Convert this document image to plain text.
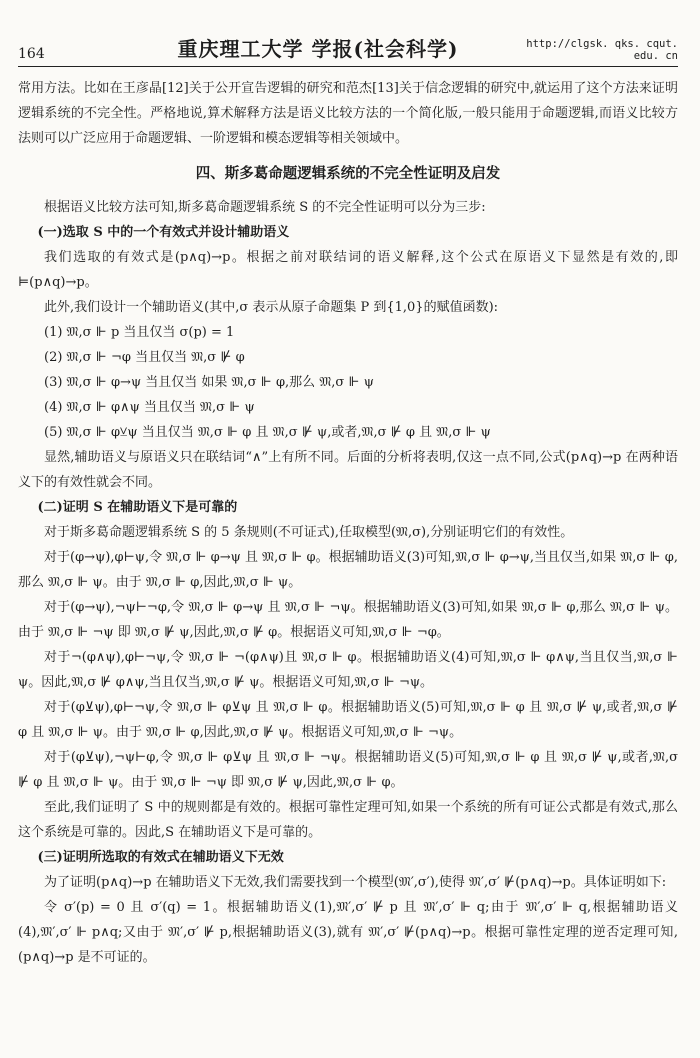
164	重庆理工大学 学报(社会科学)	http://clgsk. qks. cqut. edu. cn

常用方法。比如在王彦晶[12]关于公开宣告逻辑的研究和范杰[13]关于信念逻辑的研究中,就运用了这个方法来证明逻辑系统的不完全性。严格地说,算术解释方法是语义比较方法的一个简化版,一般只能用于命题逻辑,而语义比较方法则可以广泛应用于命题逻辑、一阶逻辑和模态逻辑等相关领域中。

四、斯多葛命题逻辑系统的不完全性证明及启发

根据语义比较方法可知,斯多葛命题逻辑系统 S 的不完全性证明可以分为三步:

(一)选取 S 中的一个有效式并设计辅助语义

我们选取的有效式是(p∧q)→p。根据之前对联结词的语义解释,这个公式在原语义下显然是有效的,即 ⊨(p∧q)→p。

此外,我们设计一个辅助语义(其中,σ 表示从原子命题集 P 到{1,0}的赋值函数):

(1) 𝔐,σ ⊩ p 当且仅当 σ(p) = 1
(2) 𝔐,σ ⊩ ¬φ 当且仅当 𝔐,σ ⊮ φ
(3) 𝔐,σ ⊩ φ→ψ 当且仅当 如果 𝔐,σ ⊩ φ,那么 𝔐,σ ⊩ ψ
(4) 𝔐,σ ⊩ φ∧ψ 当且仅当 𝔐,σ ⊩ ψ
(5) 𝔐,σ ⊩ φ⊻ψ 当且仅当 𝔐,σ ⊩ φ 且 𝔐,σ ⊮ ψ,或者,𝔐,σ ⊮ φ 且 𝔐,σ ⊩ ψ

显然,辅助语义与原语义只在联结词“∧”上有所不同。后面的分析将表明,仅这一点不同,公式(p∧q)→p 在两种语义下的有效性就会不同。

(二)证明 S 在辅助语义下是可靠的

对于斯多葛命题逻辑系统 S 的 5 条规则(不可证式),任取模型(𝔐,σ),分别证明它们的有效性。

对于(φ→ψ),φ⊢ψ,令 𝔐,σ ⊩ φ→ψ 且 𝔐,σ ⊩ φ。根据辅助语义(3)可知,𝔐,σ ⊩ φ→ψ,当且仅当,如果 𝔐,σ ⊩ φ,那么 𝔐,σ ⊩ ψ。由于 𝔐,σ ⊩ φ,因此,𝔐,σ ⊩ ψ。

对于(φ→ψ),¬ψ⊢¬φ,令 𝔐,σ ⊩ φ→ψ 且 𝔐,σ ⊩ ¬ψ。根据辅助语义(3)可知,如果 𝔐,σ ⊩ φ,那么 𝔐,σ ⊩ ψ。由于 𝔐,σ ⊩ ¬ψ 即 𝔐,σ ⊮ ψ,因此,𝔐,σ ⊮ φ。根据语义可知,𝔐,σ ⊩ ¬φ。

对于¬(φ∧ψ),φ⊢¬ψ,令 𝔐,σ ⊩ ¬(φ∧ψ)且 𝔐,σ ⊩ φ。根据辅助语义(4)可知,𝔐,σ ⊩ φ∧ψ,当且仅当,𝔐,σ ⊩ ψ。因此,𝔐,σ ⊮ φ∧ψ,当且仅当,𝔐,σ ⊮ ψ。根据语义可知,𝔐,σ ⊩ ¬ψ。

对于(φ⊻ψ),φ⊢¬ψ,令 𝔐,σ ⊩ φ⊻ψ 且 𝔐,σ ⊩ φ。根据辅助语义(5)可知,𝔐,σ ⊩ φ 且 𝔐,σ ⊮ ψ,或者,𝔐,σ ⊮ φ 且 𝔐,σ ⊩ ψ。由于 𝔐,σ ⊩ φ,因此,𝔐,σ ⊮ ψ。根据语义可知,𝔐,σ ⊩ ¬ψ。

对于(φ⊻ψ),¬ψ⊢φ,令 𝔐,σ ⊩ φ⊻ψ 且 𝔐,σ ⊩ ¬ψ。根据辅助语义(5)可知,𝔐,σ ⊩ φ 且 𝔐,σ ⊮ ψ,或者,𝔐,σ ⊮ φ 且 𝔐,σ ⊩ ψ。由于 𝔐,σ ⊩ ¬ψ 即 𝔐,σ ⊮ ψ,因此,𝔐,σ ⊩ φ。

至此,我们证明了 S 中的规则都是有效的。根据可靠性定理可知,如果一个系统的所有可证公式都是有效式,那么这个系统是可靠的。因此,S 在辅助语义下是可靠的。

(三)证明所选取的有效式在辅助语义下无效

为了证明(p∧q)→p 在辅助语义下无效,我们需要找到一个模型(𝔐′,σ′),使得 𝔐′,σ′ ⊮(p∧q)→p。具体证明如下:

令 σ′(p) = 0 且 σ′(q) = 1。根据辅助语义(1),𝔐′,σ′ ⊮ p 且 𝔐′,σ′ ⊩ q;由于 𝔐′,σ′ ⊩ q,根据辅助语义(4),𝔐′,σ′ ⊩ p∧q;又由于 𝔐′,σ′ ⊮ p,根据辅助语义(3),就有 𝔐′,σ′ ⊮(p∧q)→p。根据可靠性定理的逆否定理可知,(p∧q)→p 是不可证的。
